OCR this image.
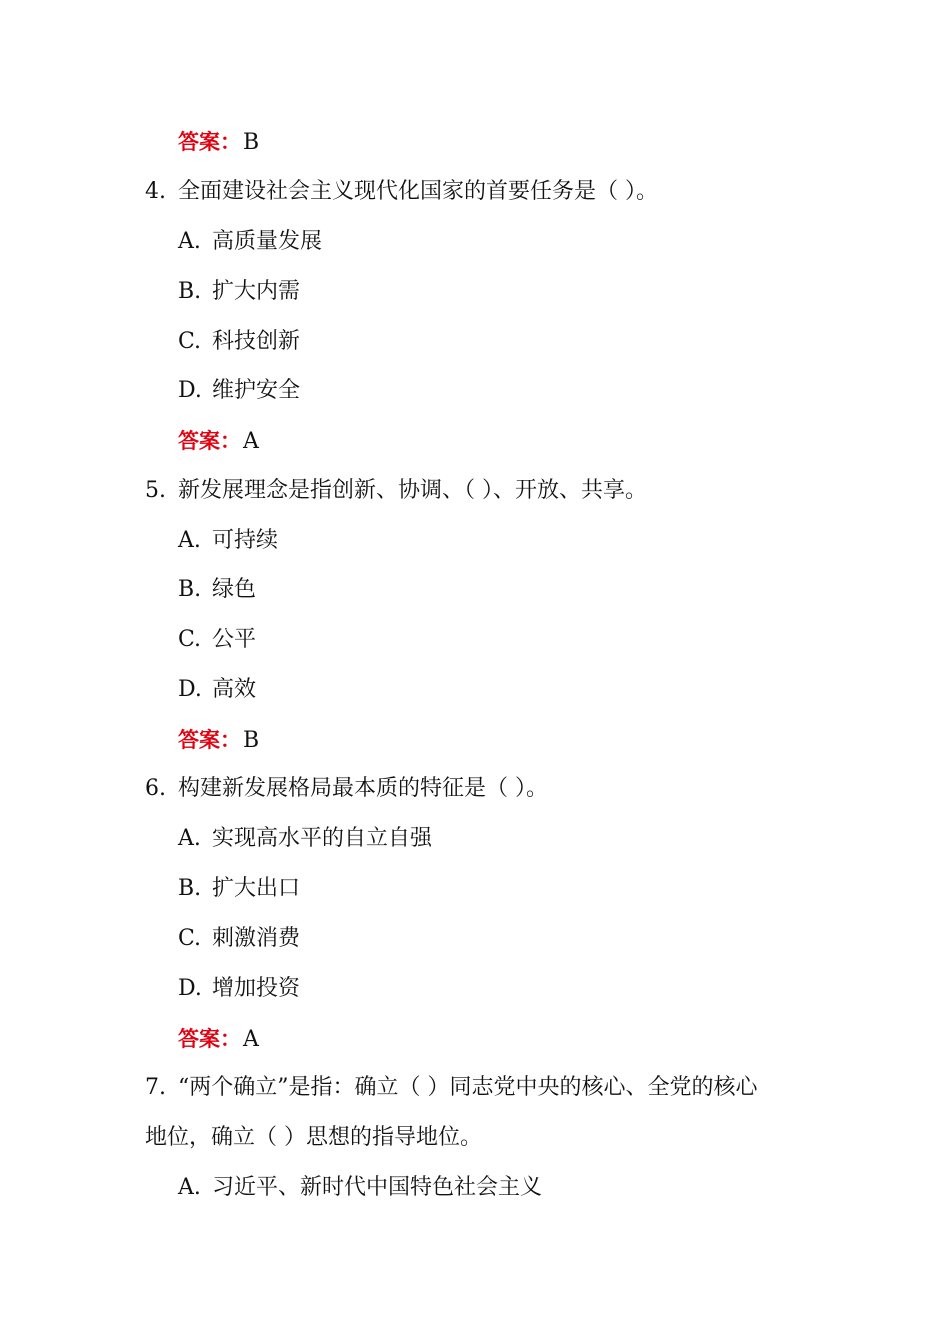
答案：B
4. 全面建设社会主义现代化国家的首要任务是（ ）。
A. 高质量发展
B. 扩大内需
C. 科技创新
D. 维护安全
答案：A
5. 新发展理念是指创新、协调、（ ）、开放、共享。
A. 可持续
B. 绿色
C. 公平
D. 高效
答案：B
6. 构建新发展格局最本质的特征是（ ）。
A. 实现高水平的自立自强
B. 扩大出口
C. 刺激消费
D. 增加投资
答案：A
7. “两个确立”是指：确立（ ）同志党中央的核心、全党的核心
地位，确立（ ）思想的指导地位。
A. 习近平、新时代中国特色社会主义
